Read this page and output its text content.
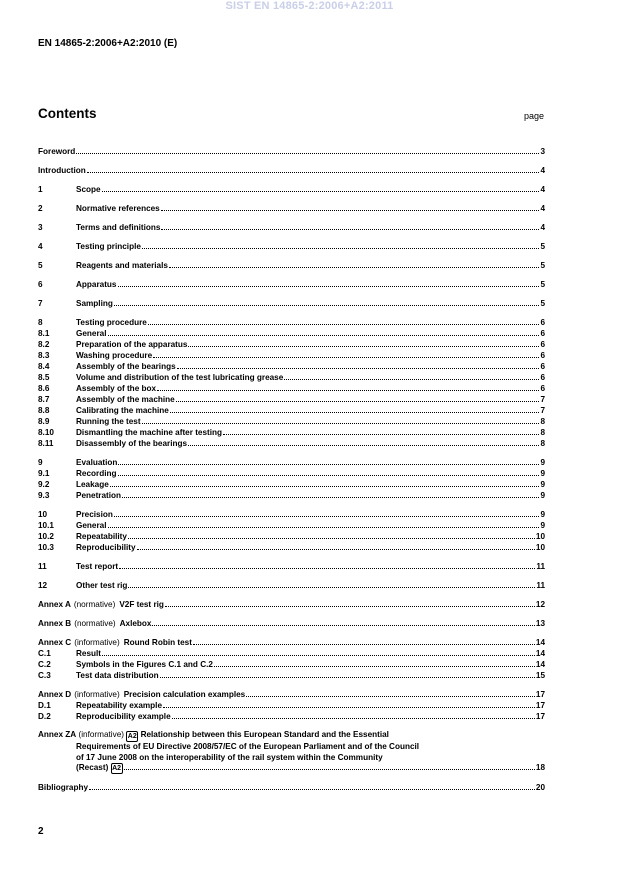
SIST EN 14865-2:2006+A2:2011
EN 14865-2:2006+A2:2010 (E)
Contents	page
Foreword	3
Introduction	4
1	Scope	4
2	Normative references	4
3	Terms and definitions	4
4	Testing principle	5
5	Reagents and materials	5
6	Apparatus	5
7	Sampling	5
8	Testing procedure	6
8.1	General	6
8.2	Preparation of the apparatus	6
8.3	Washing procedure	6
8.4	Assembly of the bearings	6
8.5	Volume and distribution of the test lubricating grease	6
8.6	Assembly of the box	6
8.7	Assembly of the machine	7
8.8	Calibrating the machine	7
8.9	Running the test	8
8.10	Dismantling the machine after testing	8
8.11	Disassembly of the bearings	8
9	Evaluation	9
9.1	Recording	9
9.2	Leakage	9
9.3	Penetration	9
10	Precision	9
10.1	General	9
10.2	Repeatability	10
10.3	Reproducibility	10
11	Test report	11
12	Other test rig	11
Annex A (normative) V2F test rig	12
Annex B (normative) Axlebox	13
Annex C (informative) Round Robin test	14
C.1	Result	14
C.2	Symbols in the Figures C.1 and C.2	14
C.3	Test data distribution	15
Annex D (informative) Precision calculation examples	17
D.1	Repeatability example	17
D.2	Reproducibility example	17
Annex ZA (informative) A2 Relationship between this European Standard and the Essential
Requirements of EU Directive 2008/57/EC of the European Parliament and of the Council
of 17 June 2008 on the interoperability of the rail system within the Community
(Recast)
A2	18
Bibliography	20
2
